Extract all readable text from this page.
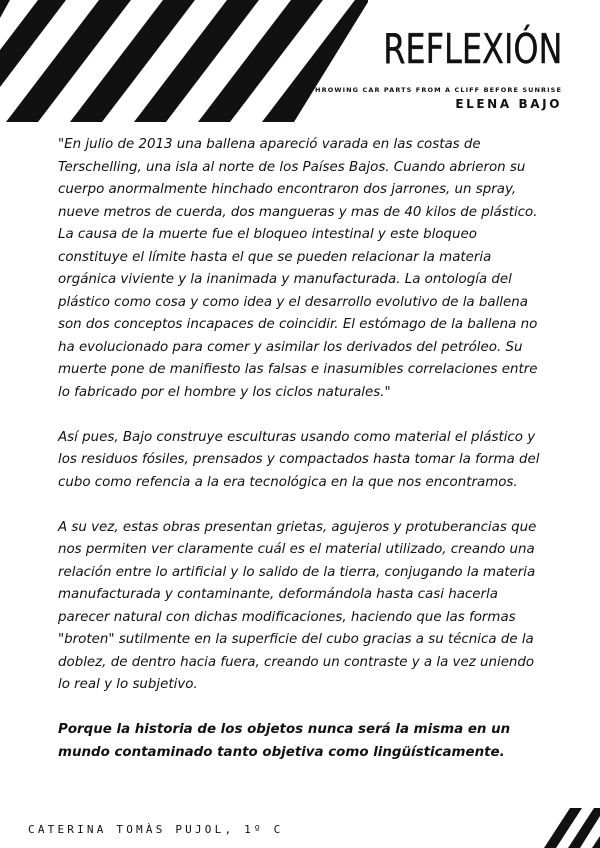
REFLEXIÓN
THROWING CAR PARTS FROM A CLIFF BEFORE SUNRISE
ELENA BAJO

"En julio de 2013 una ballena apareció varada en las costas de Terschelling, una isla al norte de los Países Bajos. Cuando abrieron su cuerpo anormalmente hinchado encontraron dos jarrones, un spray, nueve metros de cuerda, dos mangueras y mas de 40 kilos de plástico. La causa de la muerte fue el bloqueo intestinal y este bloqueo constituye el límite hasta el que se pueden relacionar la materia orgánica viviente y la inanimada y manufacturada. La ontología del plástico como cosa y como idea y el desarrollo evolutivo de la ballena son dos conceptos incapaces de coincidir. El estómago de la ballena no ha evolucionado para comer y asimilar los derivados del petróleo. Su muerte pone de manifiesto las falsas e inasumibles correlaciones entre lo fabricado por el hombre y los ciclos naturales."

Así pues, Bajo construye esculturas usando como material el plástico y los residuos fósiles, prensados y compactados hasta tomar la forma del cubo como refencia a la era tecnológica en la que nos encontramos.

A su vez, estas obras presentan grietas, agujeros y protuberancias que nos permiten ver claramente cuál es el material utilizado, creando una relación entre lo artificial y lo salido de la tierra, conjugando la materia manufacturada y contaminante, deformándola hasta casi hacerla parecer natural con dichas modificaciones, haciendo que las formas "broten" sutilmente en la superficie del cubo gracias a su técnica de la doblez, de dentro hacia fuera, creando un contraste y a la vez uniendo lo real y lo subjetivo.

Porque la historia de los objetos nunca será la misma en un mundo contaminado tanto objetiva como lingüísticamente.

CATERINA TOMÀS PUJOL, 1º C
